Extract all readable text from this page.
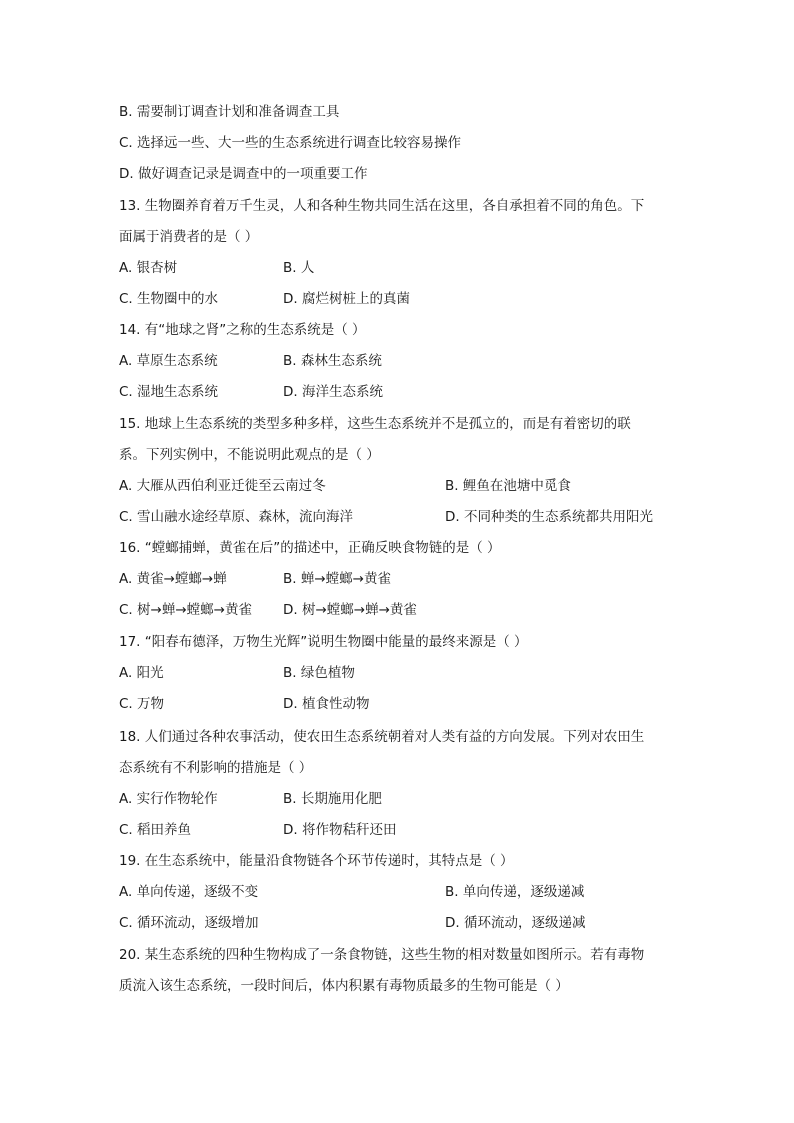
B. 需要制订调查计划和准备调查工具
C. 选择远一些、大一些的生态系统进行调查比较容易操作
D. 做好调查记录是调查中的一项重要工作
13. 生物圈养育着万千生灵，人和各种生物共同生活在这里，各自承担着不同的角色。下
面属于消费者的是（ ）
A. 银杏树	B. 人
C. 生物圈中的水	D. 腐烂树桩上的真菌
14. 有“地球之肾”之称的生态系统是（ ）
A. 草原生态系统	B. 森林生态系统
C. 湿地生态系统	D. 海洋生态系统
15. 地球上生态系统的类型多种多样，这些生态系统并不是孤立的，而是有着密切的联
系。下列实例中，不能说明此观点的是（ ）
A. 大雁从西伯利亚迁徙至云南过冬	B. 鲤鱼在池塘中觅食
C. 雪山融水途经草原、森林，流向海洋	D. 不同种类的生态系统都共用阳光
16. “螳螂捕蝉，黄雀在后”的描述中，正确反映食物链的是（ ）
A. 黄雀→螳螂→蝉	B. 蝉→螳螂→黄雀
C. 树→蝉→螳螂→黄雀 D. 树→螳螂→蝉→黄雀
17. “阳春布德泽，万物生光辉”说明生物圈中能量的最终来源是（ ）
A. 阳光	B. 绿色植物
C. 万物	D. 植食性动物
18. 人们通过各种农事活动，使农田生态系统朝着对人类有益的方向发展。下列对农田生
态系统有不利影响的措施是（ ）
A. 实行作物轮作	B. 长期施用化肥
C. 稻田养鱼	D. 将作物秸秆还田
19. 在生态系统中，能量沿食物链各个环节传递时，其特点是（ ）
A. 单向传递，逐级不变	B. 单向传递，逐级递减
C. 循环流动，逐级增加	D. 循环流动，逐级递减
20. 某生态系统的四种生物构成了一条食物链，这些生物的相对数量如图所示。若有毒物
质流入该生态系统，一段时间后，体内积累有毒物质最多的生物可能是（ ）
